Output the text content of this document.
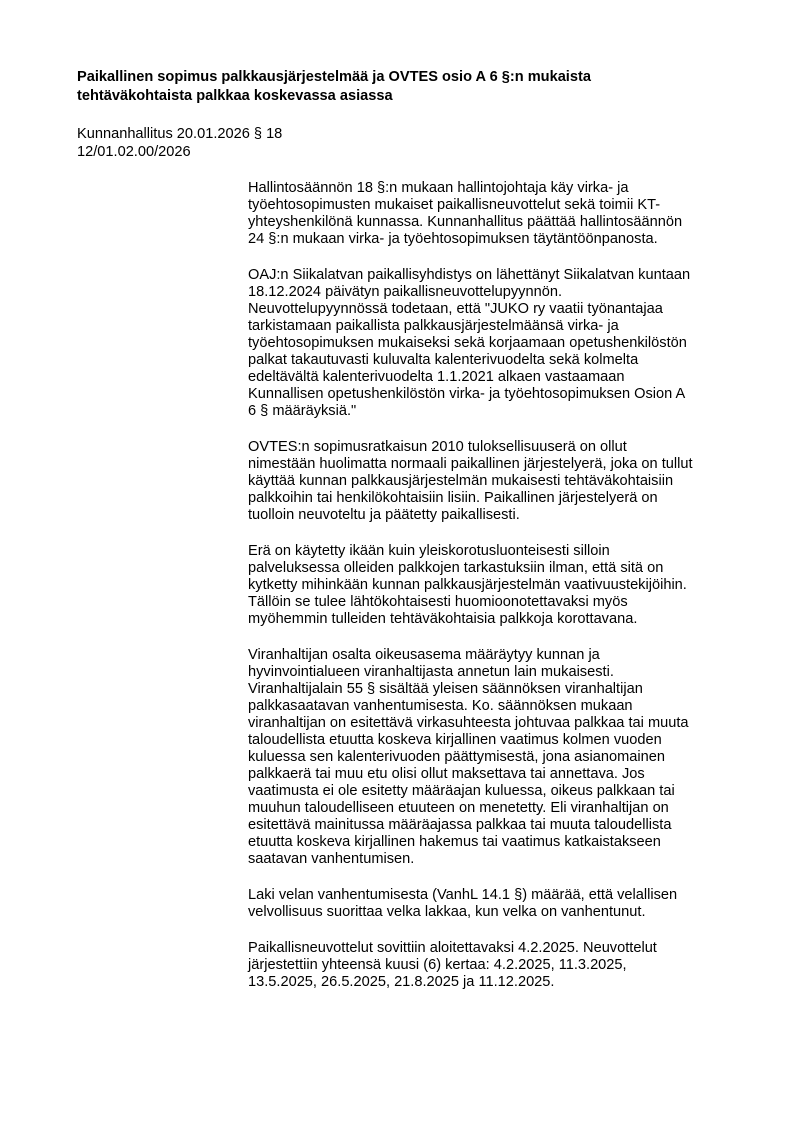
Paikallinen sopimus palkkausjärjestelmää ja OVTES osio A 6 §:n mukaista
tehtäväkohtaista palkkaa koskevassa asiassa
Kunnanhallitus 20.01.2026 § 18
12/01.02.00/2026

Hallintosäännön 18 §:n mukaan hallintojohtaja käy virka- ja
työehtosopimusten mukaiset paikallisneuvottelut sekä toimii KT-
yhteyshenkilönä kunnassa. Kunnanhallitus päättää hallintosäännön
24 §:n mukaan virka- ja työehtosopimuksen täytäntöönpanosta.

OAJ:n Siikalatvan paikallisyhdistys on lähettänyt Siikalatvan kuntaan
18.12.2024 päivätyn paikallisneuvottelupyynnön.
Neuvottelupyynnössä todetaan, että "JUKO ry vaatii työnantajaa
tarkistamaan paikallista palkkausjärjestelmäänsä virka- ja
työehtosopimuksen mukaiseksi sekä korjaamaan opetushenkilöstön
palkat takautuvasti kuluvalta kalenterivuodelta sekä kolmelta
edeltävältä kalenterivuodelta 1.1.2021 alkaen vastaamaan
Kunnallisen opetushenkilöstön virka- ja työehtosopimuksen Osion A
6 § määräyksiä."

OVTES:n sopimusratkaisun 2010 tuloksellisuuserä on ollut
nimestään huolimatta normaali paikallinen järjestelyerä, joka on tullut
käyttää kunnan palkkausjärjestelmän mukaisesti tehtäväkohtaisiin
palkkoihin tai henkilökohtaisiin lisiin. Paikallinen järjestelyerä on
tuolloin neuvoteltu ja päätetty paikallisesti.

Erä on käytetty ikään kuin yleiskorotusluonteisesti silloin
palveluksessa olleiden palkkojen tarkastuksiin ilman, että sitä on
kytketty mihinkään kunnan palkkausjärjestelmän vaativuustekijöihin.
Tällöin se tulee lähtökohtaisesti huomioonotettavaksi myös
myöhemmin tulleiden tehtäväkohtaisia palkkoja korottavana.

Viranhaltijan osalta oikeusasema määräytyy kunnan ja
hyvinvointialueen viranhaltijasta annetun lain mukaisesti.
Viranhaltijalain 55 § sisältää yleisen säännöksen viranhaltijan
palkkasaatavan vanhentumisesta. Ko. säännöksen mukaan
viranhaltijan on esitettävä virkasuhteesta johtuvaa palkkaa tai muuta
taloudellista etuutta koskeva kirjallinen vaatimus kolmen vuoden
kuluessa sen kalenterivuoden päättymisestä, jona asianomainen
palkkaerä tai muu etu olisi ollut maksettava tai annettava. Jos
vaatimusta ei ole esitetty määräajan kuluessa, oikeus palkkaan tai
muuhun taloudelliseen etuuteen on menetetty. Eli viranhaltijan on
esitettävä mainitussa määräajassa palkkaa tai muuta taloudellista
etuutta koskeva kirjallinen hakemus tai vaatimus katkaistakseen
saatavan vanhentumisen.

Laki velan vanhentumisesta (VanhL 14.1 §) määrää, että velallisen
velvollisuus suorittaa velka lakkaa, kun velka on vanhentunut.

Paikallisneuvottelut sovittiin aloitettavaksi 4.2.2025. Neuvottelut
järjestettiin yhteensä kuusi (6) kertaa: 4.2.2025, 11.3.2025,
13.5.2025, 26.5.2025, 21.8.2025 ja 11.12.2025.
